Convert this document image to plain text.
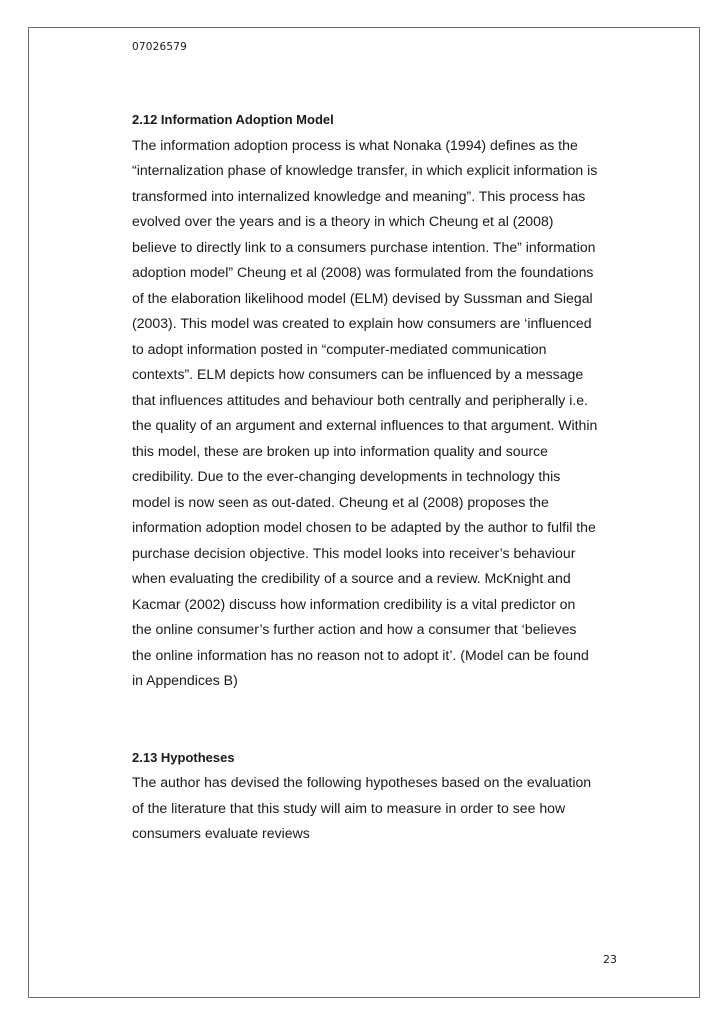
07026579
2.12 Information Adoption Model

The information adoption process is what Nonaka (1994) defines as the
“internalization phase of knowledge transfer, in which explicit information is
transformed into internalized knowledge and meaning”. This process has
evolved over the years and is a theory in which Cheung et al (2008)
believe to directly link to a consumers purchase intention. The” information
adoption model” Cheung et al (2008) was formulated from the foundations
of the elaboration likelihood model (ELM) devised by Sussman and Siegal
(2003). This model was created to explain how consumers are ‘influenced
to adopt information posted in “computer-mediated communication
contexts”. ELM depicts how consumers can be influenced by a message
that influences attitudes and behaviour both centrally and peripherally i.e.
the quality of an argument and external influences to that argument. Within
this model, these are broken up into information quality and source
credibility. Due to the ever-changing developments in technology this
model is now seen as out-dated. Cheung et al (2008) proposes the
information adoption model chosen to be adapted by the author to fulfil the
purchase decision objective. This model looks into receiver’s behaviour
when evaluating the credibility of a source and a review. McKnight and
Kacmar (2002) discuss how information credibility is a vital predictor on
the online consumer’s further action and how a consumer that ‘believes
the online information has no reason not to adopt it’. (Model can be found
in Appendices B)

2.13 Hypotheses

The author has devised the following hypotheses based on the evaluation
of the literature that this study will aim to measure in order to see how
consumers evaluate reviews

23
